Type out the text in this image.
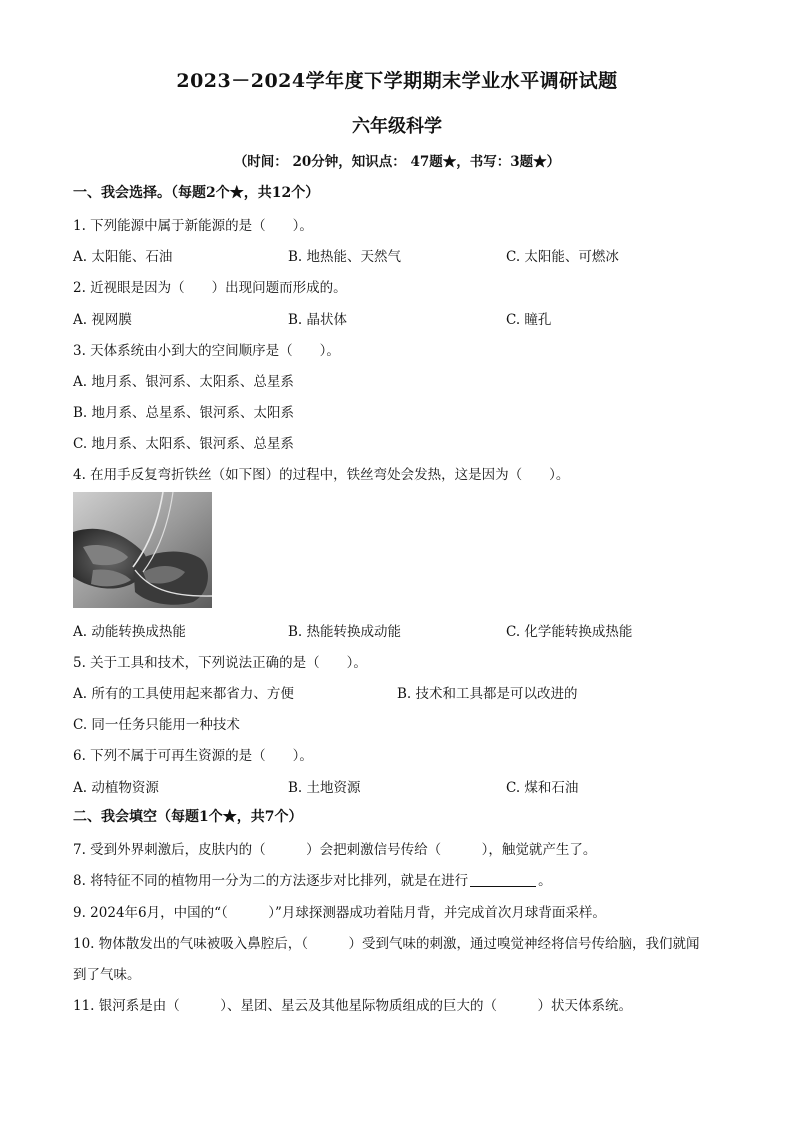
2023－2024学年度下学期期末学业水平调研试题
六年级科学
（时间： 20分钟，知识点： 47题★，书写：3题★）
一、我会选择。（每题2个★，共12个）
1. 下列能源中属于新能源的是（　　）。
A. 太阳能、石油	B. 地热能、天然气	C. 太阳能、可燃冰
2. 近视眼是因为（　　）出现问题而形成的。
A. 视网膜	B. 晶状体	C. 瞳孔
3. 天体系统由小到大的空间顺序是（　　）。
A. 地月系、银河系、太阳系、总星系
B. 地月系、总星系、银河系、太阳系
C. 地月系、太阳系、银河系、总星系
4. 在用手反复弯折铁丝（如下图）的过程中，铁丝弯处会发热，这是因为（　　）。
A. 动能转换成热能	B. 热能转换成动能	C. 化学能转换成热能
5. 关于工具和技术，下列说法正确的是（　　）。
A. 所有的工具使用起来都省力、方便	B. 技术和工具都是可以改进的
C. 同一任务只能用一种技术
6. 下列不属于可再生资源的是（　　）。
A. 动植物资源	B. 土地资源	C. 煤和石油
二、我会填空（每题1个★，共7个）
7. 受到外界刺激后，皮肤内的（　　　）会把刺激信号传给（　　　），触觉就产生了。
8. 将特征不同的植物用一分为二的方法逐步对比排列，就是在进行	。
9. 2024年6月，中国的“（　　　）”月球探测器成功着陆月背，并完成首次月球背面采样。
10. 物体散发出的气味被吸入鼻腔后，（　　　）受到气味的刺激，通过嗅觉神经将信号传给脑，我们就闻
到了气味。
11. 银河系是由（　　　）、星团、星云及其他星际物质组成的巨大的（　　　）状天体系统。
